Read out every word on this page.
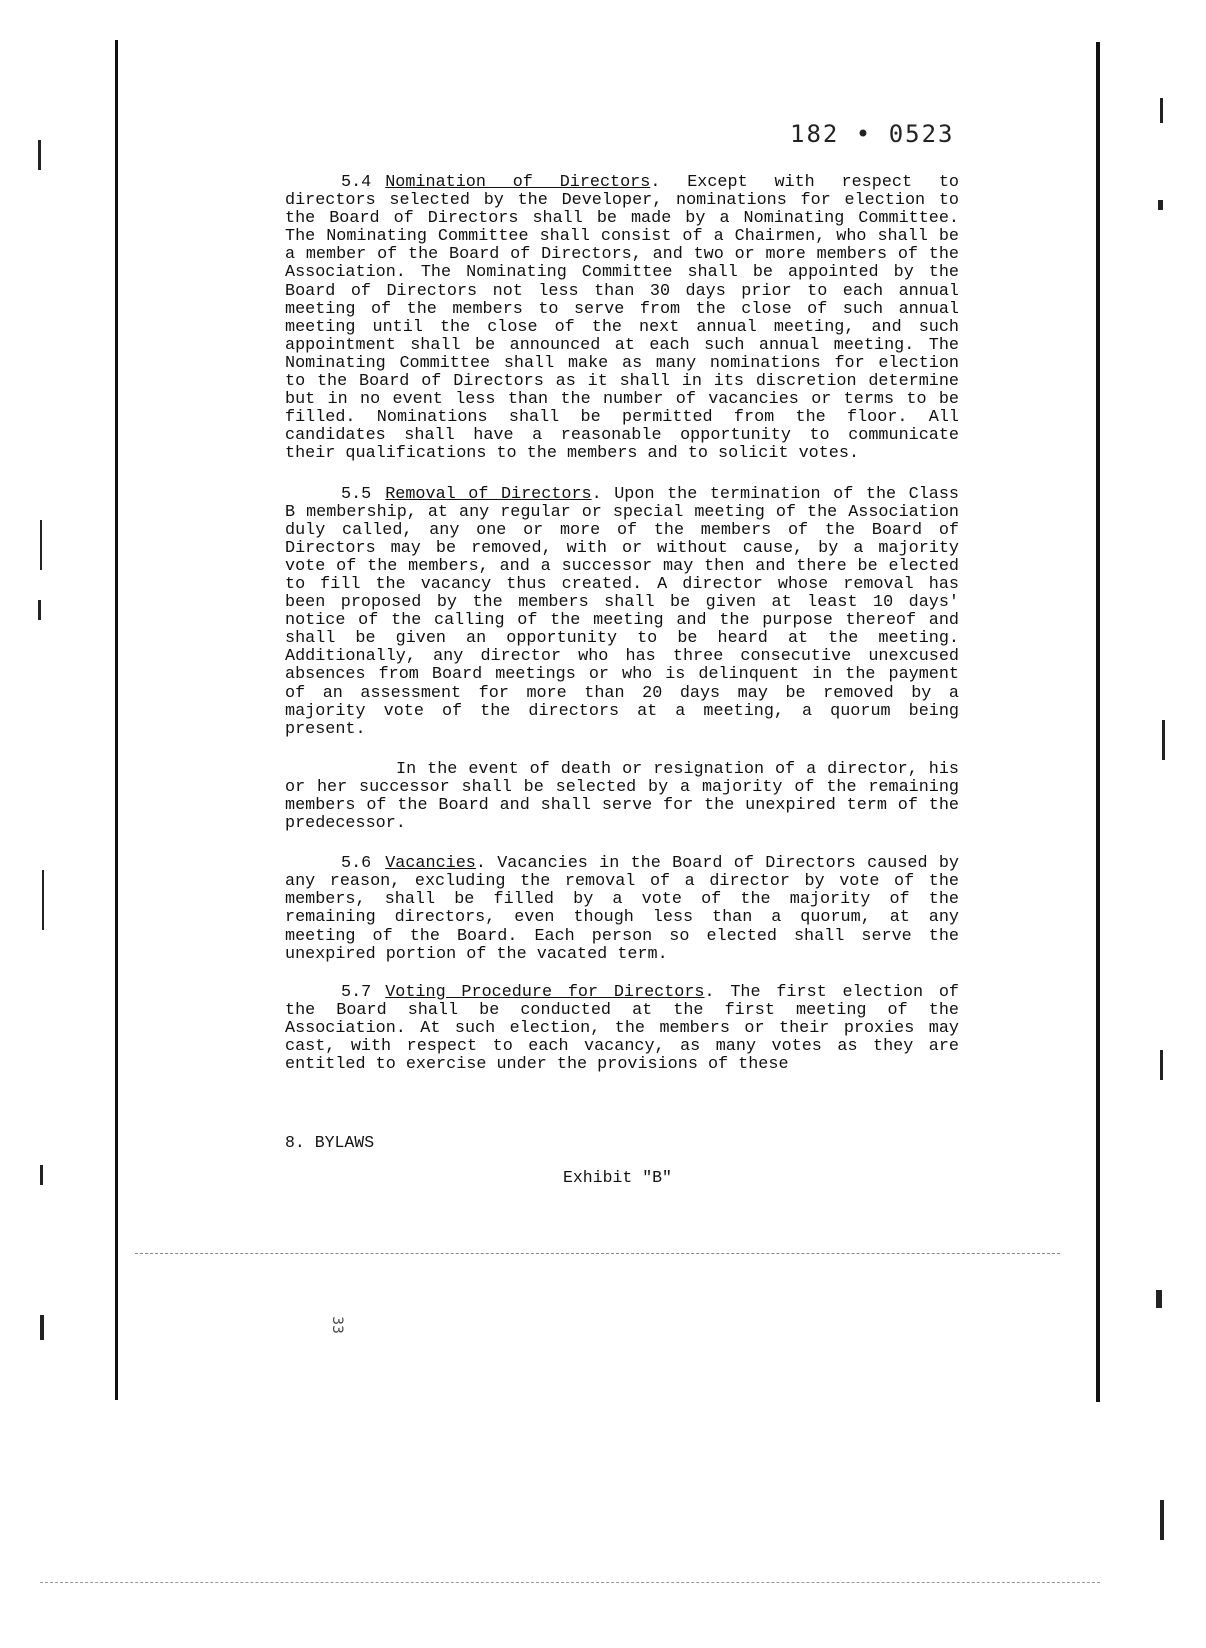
182 • 0523

5.4 Nomination of Directors. Except with respect to directors selected by the Developer, nominations for election to the Board of Directors shall be made by a Nominating Committee. The Nominating Committee shall consist of a Chairmen, who shall be a member of the Board of Directors, and two or more members of the Association. The Nominating Committee shall be appointed by the Board of Directors not less than 30 days prior to each annual meeting of the members to serve from the close of such annual meeting until the close of the next annual meeting, and such appointment shall be announced at each such annual meeting. The Nominating Committee shall make as many nominations for election to the Board of Directors as it shall in its discretion determine but in no event less than the number of vacancies or terms to be filled. Nominations shall be permitted from the floor. All candidates shall have a reasonable opportunity to communicate their qualifications to the members and to solicit votes.

5.5 Removal of Directors. Upon the termination of the Class B membership, at any regular or special meeting of the Association duly called, any one or more of the members of the Board of Directors may be removed, with or without cause, by a majority vote of the members, and a successor may then and there be elected to fill the vacancy thus created. A director whose removal has been proposed by the members shall be given at least 10 days' notice of the calling of the meeting and the purpose thereof and shall be given an opportunity to be heard at the meeting. Additionally, any director who has three consecutive unexcused absences from Board meetings or who is delinquent in the payment of an assessment for more than 20 days may be removed by a majority vote of the directors at a meeting, a quorum being present.

In the event of death or resignation of a director, his or her successor shall be selected by a majority of the remaining members of the Board and shall serve for the unexpired term of the predecessor.

5.6 Vacancies. Vacancies in the Board of Directors caused by any reason, excluding the removal of a director by vote of the members, shall be filled by a vote of the majority of the remaining directors, even though less than a quorum, at any meeting of the Board. Each person so elected shall serve the unexpired portion of the vacated term.

5.7 Voting Procedure for Directors. The first election of the Board shall be conducted at the first meeting of the Association. At such election, the members or their proxies may cast, with respect to each vacancy, as many votes as they are entitled to exercise under the provisions of these

8. BYLAWS
Exhibit "B"
33
